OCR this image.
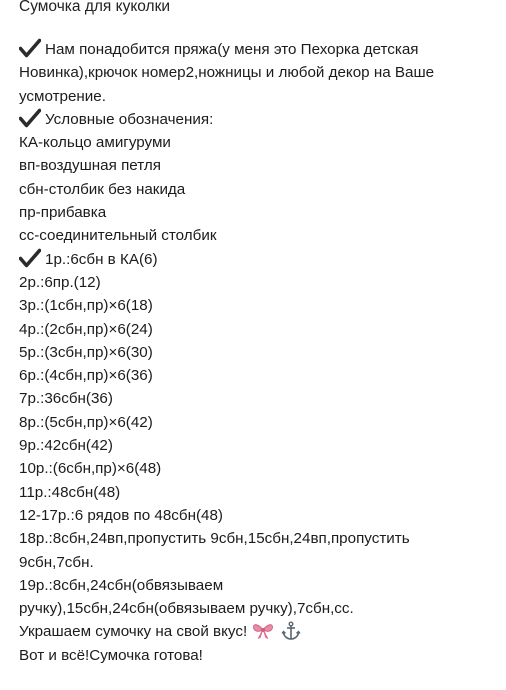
Сумочка для куколки
Нам понадобится пряжа(у меня это Пехорка детская
Новинка),крючок номер2,ножницы и любой декор на Ваше
усмотрение.
Условные обозначения:
КА-кольцо амигуруми
вп-воздушная петля
сбн-столбик без накида
пр-прибавка
сс-соединительный столбик
1р.:6сбн в КА(6)
2р.:6пр.(12)
3р.:(1сбн,пр)×6(18)
4р.:(2сбн,пр)×6(24)
5р.:(3сбн,пр)×6(30)
6р.:(4сбн,пр)×6(36)
7р.:36сбн(36)
8р.:(5сбн,пр)×6(42)
9р.:42сбн(42)
10р.:(6сбн,пр)×6(48)
11р.:48сбн(48)
12-17р.:6 рядов по 48сбн(48)
18р.:8сбн,24вп,пропустить 9сбн,15сбн,24вп,пропустить
9сбн,7сбн.
19р.:8сбн,24сбн(обвязываем
ручку),15сбн,24сбн(обвязываем ручку),7сбн,сс.
Украшаем сумочку на свой вкус!
Вот и всё!Сумочка готова!
